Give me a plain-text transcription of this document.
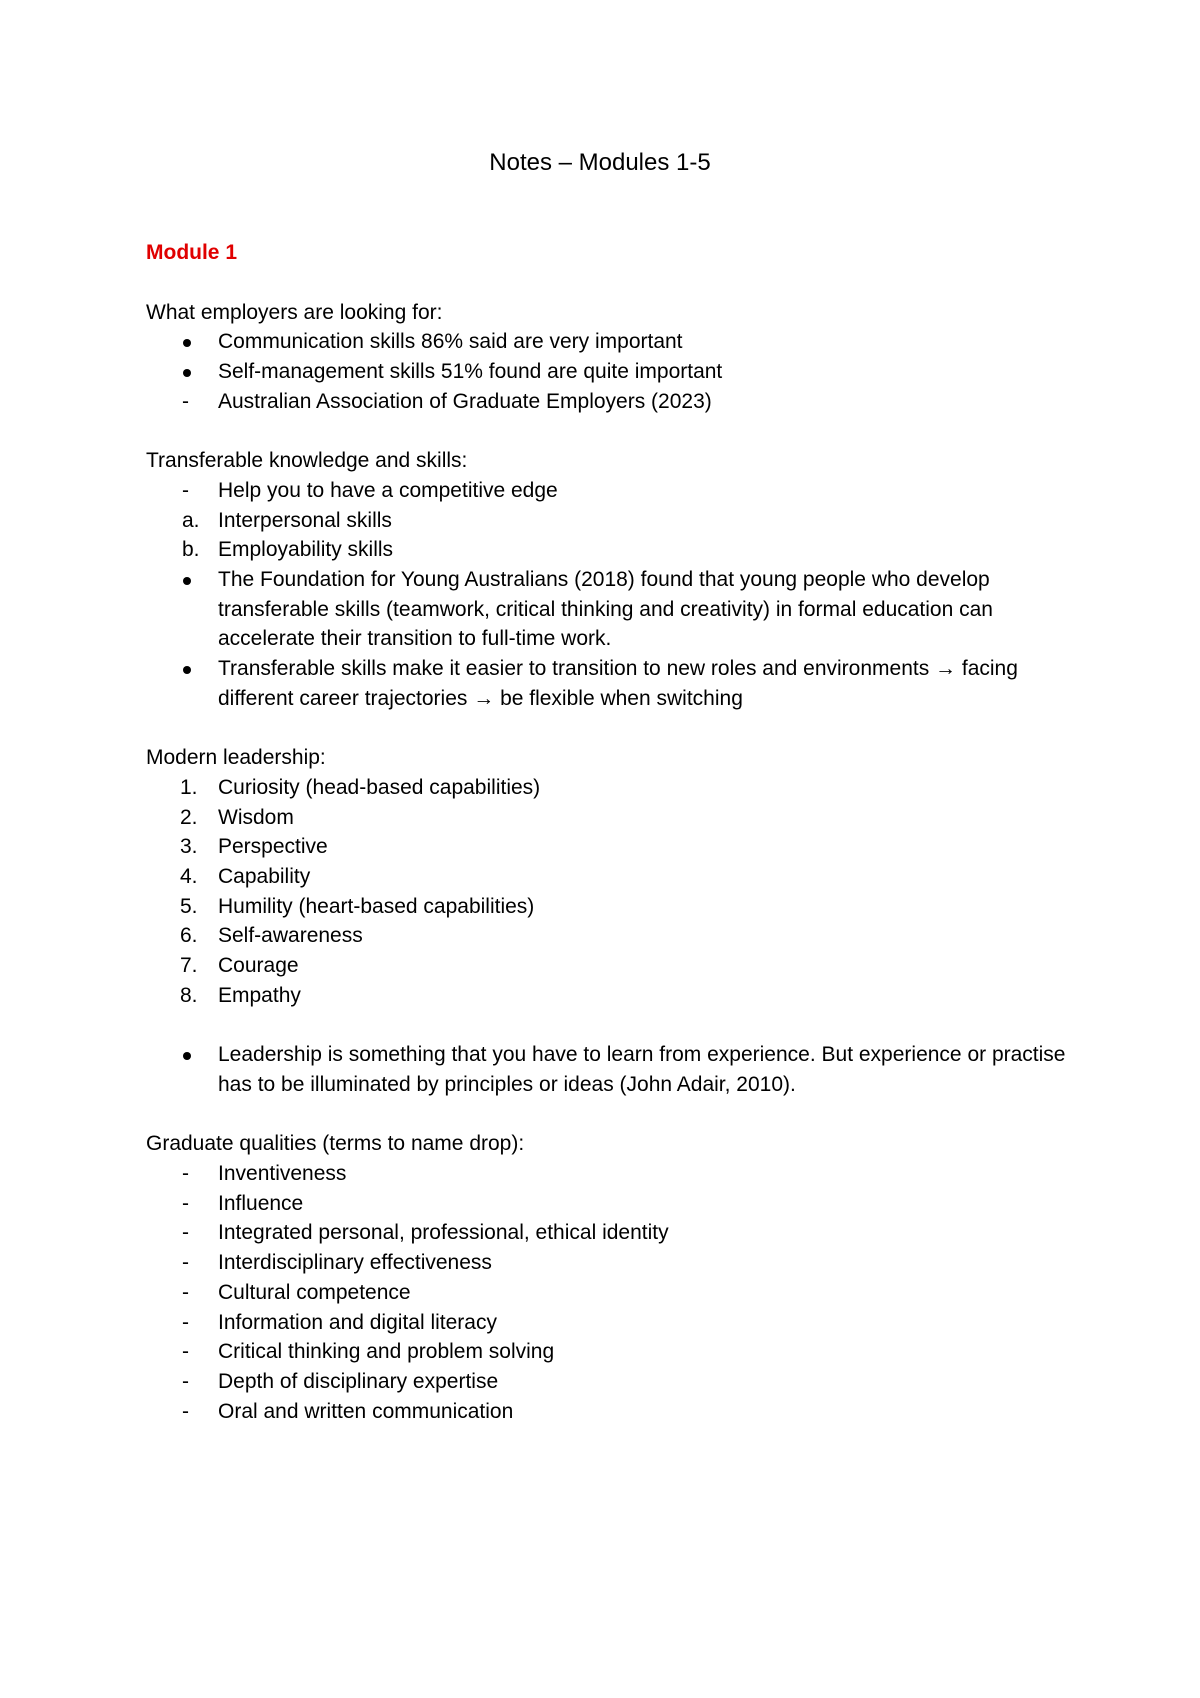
Notes – Modules 1-5
Module 1

What employers are looking for:

Communication skills 86% said are very important
Self-management skills 51% found are quite important
-	Australian Association of Graduate Employers (2023)

Transferable knowledge and skills:

-	Help you to have a competitive edge
a. Interpersonal skills
b. Employability skills
The Foundation for Young Australians (2018) found that young people who develop transferable skills (teamwork, critical thinking and creativity) in formal education can accelerate their transition to full-time work.
Transferable skills make it easier to transition to new roles and environments → facing different career trajectories → be flexible when switching

Modern leadership:

1. Curiosity (head-based capabilities)
2. Wisdom
3. Perspective
4. Capability
5. Humility (heart-based capabilities)
6. Self-awareness
7. Courage
8. Empathy
Leadership is something that you have to learn from experience. But experience or practise has to be illuminated by principles or ideas (John Adair, 2010).

Graduate qualities (terms to name drop):

-	Inventiveness
-	Influence
-	Integrated personal, professional, ethical identity
-	Interdisciplinary effectiveness
-	Cultural competence
-	Information and digital literacy
-	Critical thinking and problem solving
-	Depth of disciplinary expertise
-	Oral and written communication
